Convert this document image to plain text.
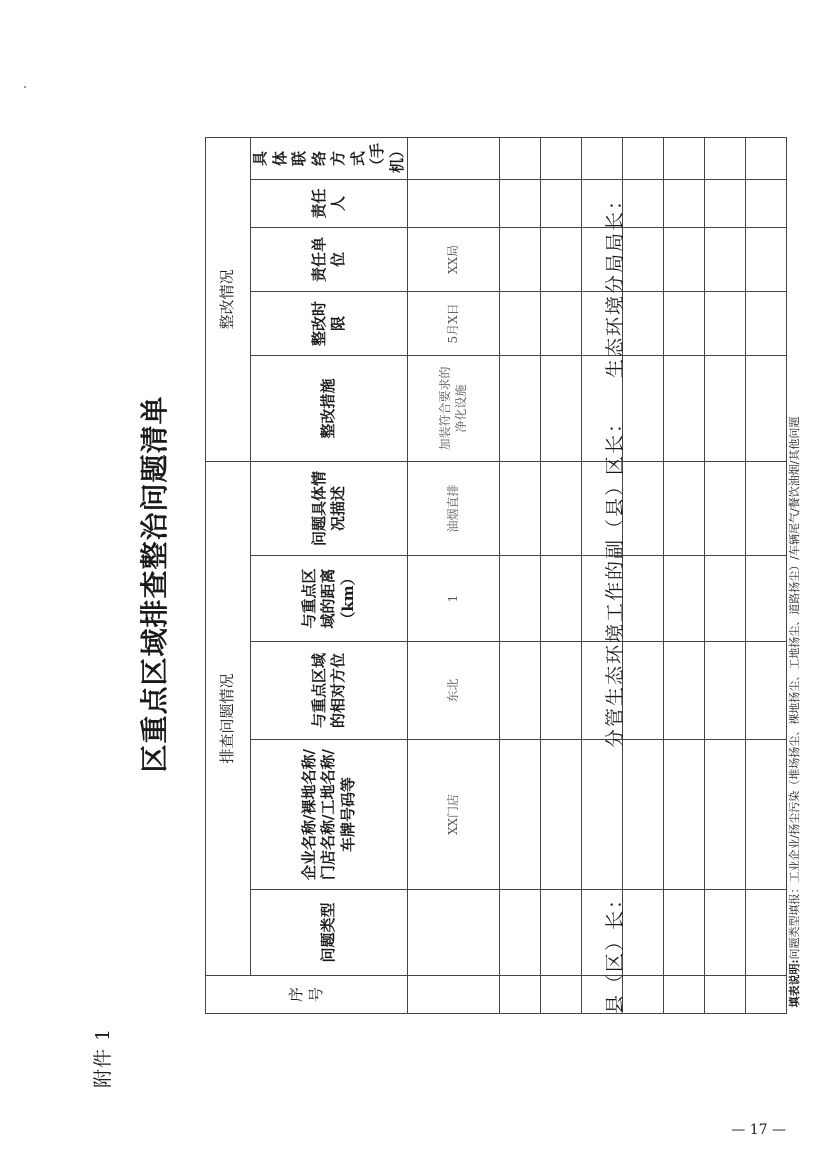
附件 1
区重点区域排查整治问题清单
序号	排查问题情况					整改情况				
	问题类型	企业名称/裸地名称/门店名称/工地名称/车牌号码等	与重点区域的相对方位	与重点区域的距离（km）	问题具体情况描述	整改措施	整改时限	责任单位	责任人	具体联络方式（手机）
		XX门店	东北	1	油烟直排	加装符合要求的净化设施	5月X日	XX局		

填表说明:问题类型填报：工业企业/扬尘污染（堆场扬尘、裸地扬尘、工地扬尘、道路扬尘）/车辆尾气/餐饮油烟/其他问题										
县（区）长：
分管生态环境工作的副（县）区长：
生态环境分局局长：
— 17 —
